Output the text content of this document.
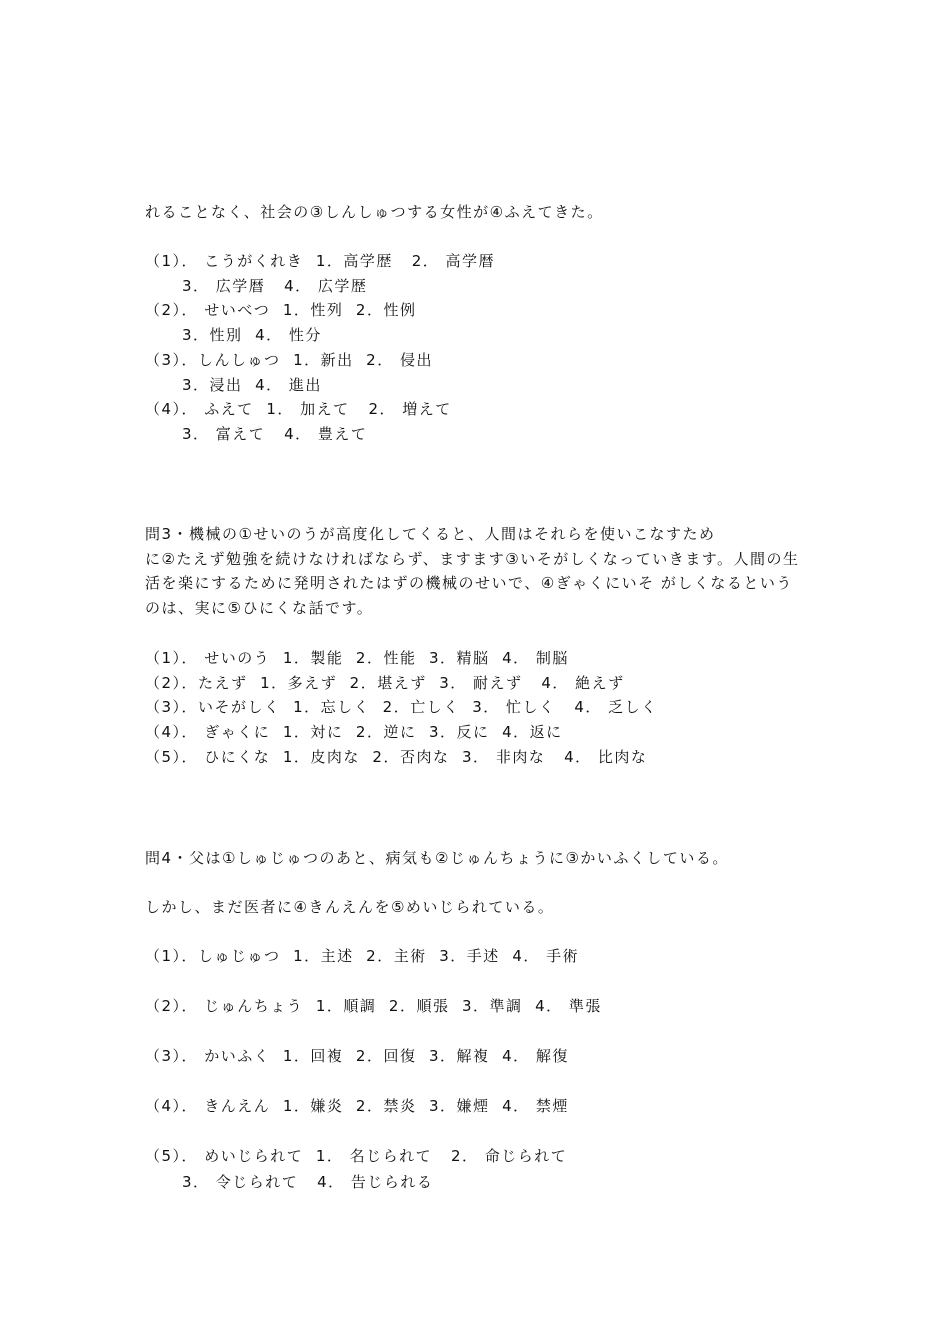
れることなく、社会の③しんしゅつする女性が④ふえてきた。
（1）． こうがくれき  1．高学歴   2． 高学暦
3． 広学暦   4． 広学歴
（2）． せいべつ  1．性列  2．性例
3．性別  4． 性分
（3）．しんしゅつ  1．新出  2． 侵出
3．浸出  4． 進出
（4）． ふえて  1． 加えて   2． 増えて
3． 富えて   4． 豊えて
問3・機械の①せいのうが高度化してくると、人間はそれらを使いこなすため
に②たえず勉強を続けなければならず、ますます③いそがしくなっていきます。人間の生
活を楽にするために発明されたはずの機械のせいで、④ぎゃくにいそ がしくなるという
のは、実に⑤ひにくな話です。
（1）． せいのう  1．製能  2．性能  3．精脳  4． 制脳
（2）．たえず  1．多えず  2．堪えず  3． 耐えず   4． 絶えず
（3）．いそがしく  1．忘しく  2．亡しく  3． 忙しく   4． 乏しく
（4）． ぎゃくに  1．対に  2．逆に  3．反に  4．返に
（5）． ひにくな  1．皮肉な  2．否肉な  3． 非肉な   4． 比肉な
問4・父は①しゅじゅつのあと、病気も②じゅんちょうに③かいふくしている。
しかし、まだ医者に④きんえんを⑤めいじられている。
（1）．しゅじゅつ  1．主述  2．主術  3．手述  4． 手術
（2）． じゅんちょう  1．順調  2．順張  3．準調  4． 準張
（3）． かいふく  1．回複  2．回復  3．解複  4． 解復
（4）． きんえん  1．嫌炎  2．禁炎  3．嫌煙  4． 禁煙
（5）． めいじられて  1． 名じられて   2． 命じられて
3． 令じられて   4． 告じられる
